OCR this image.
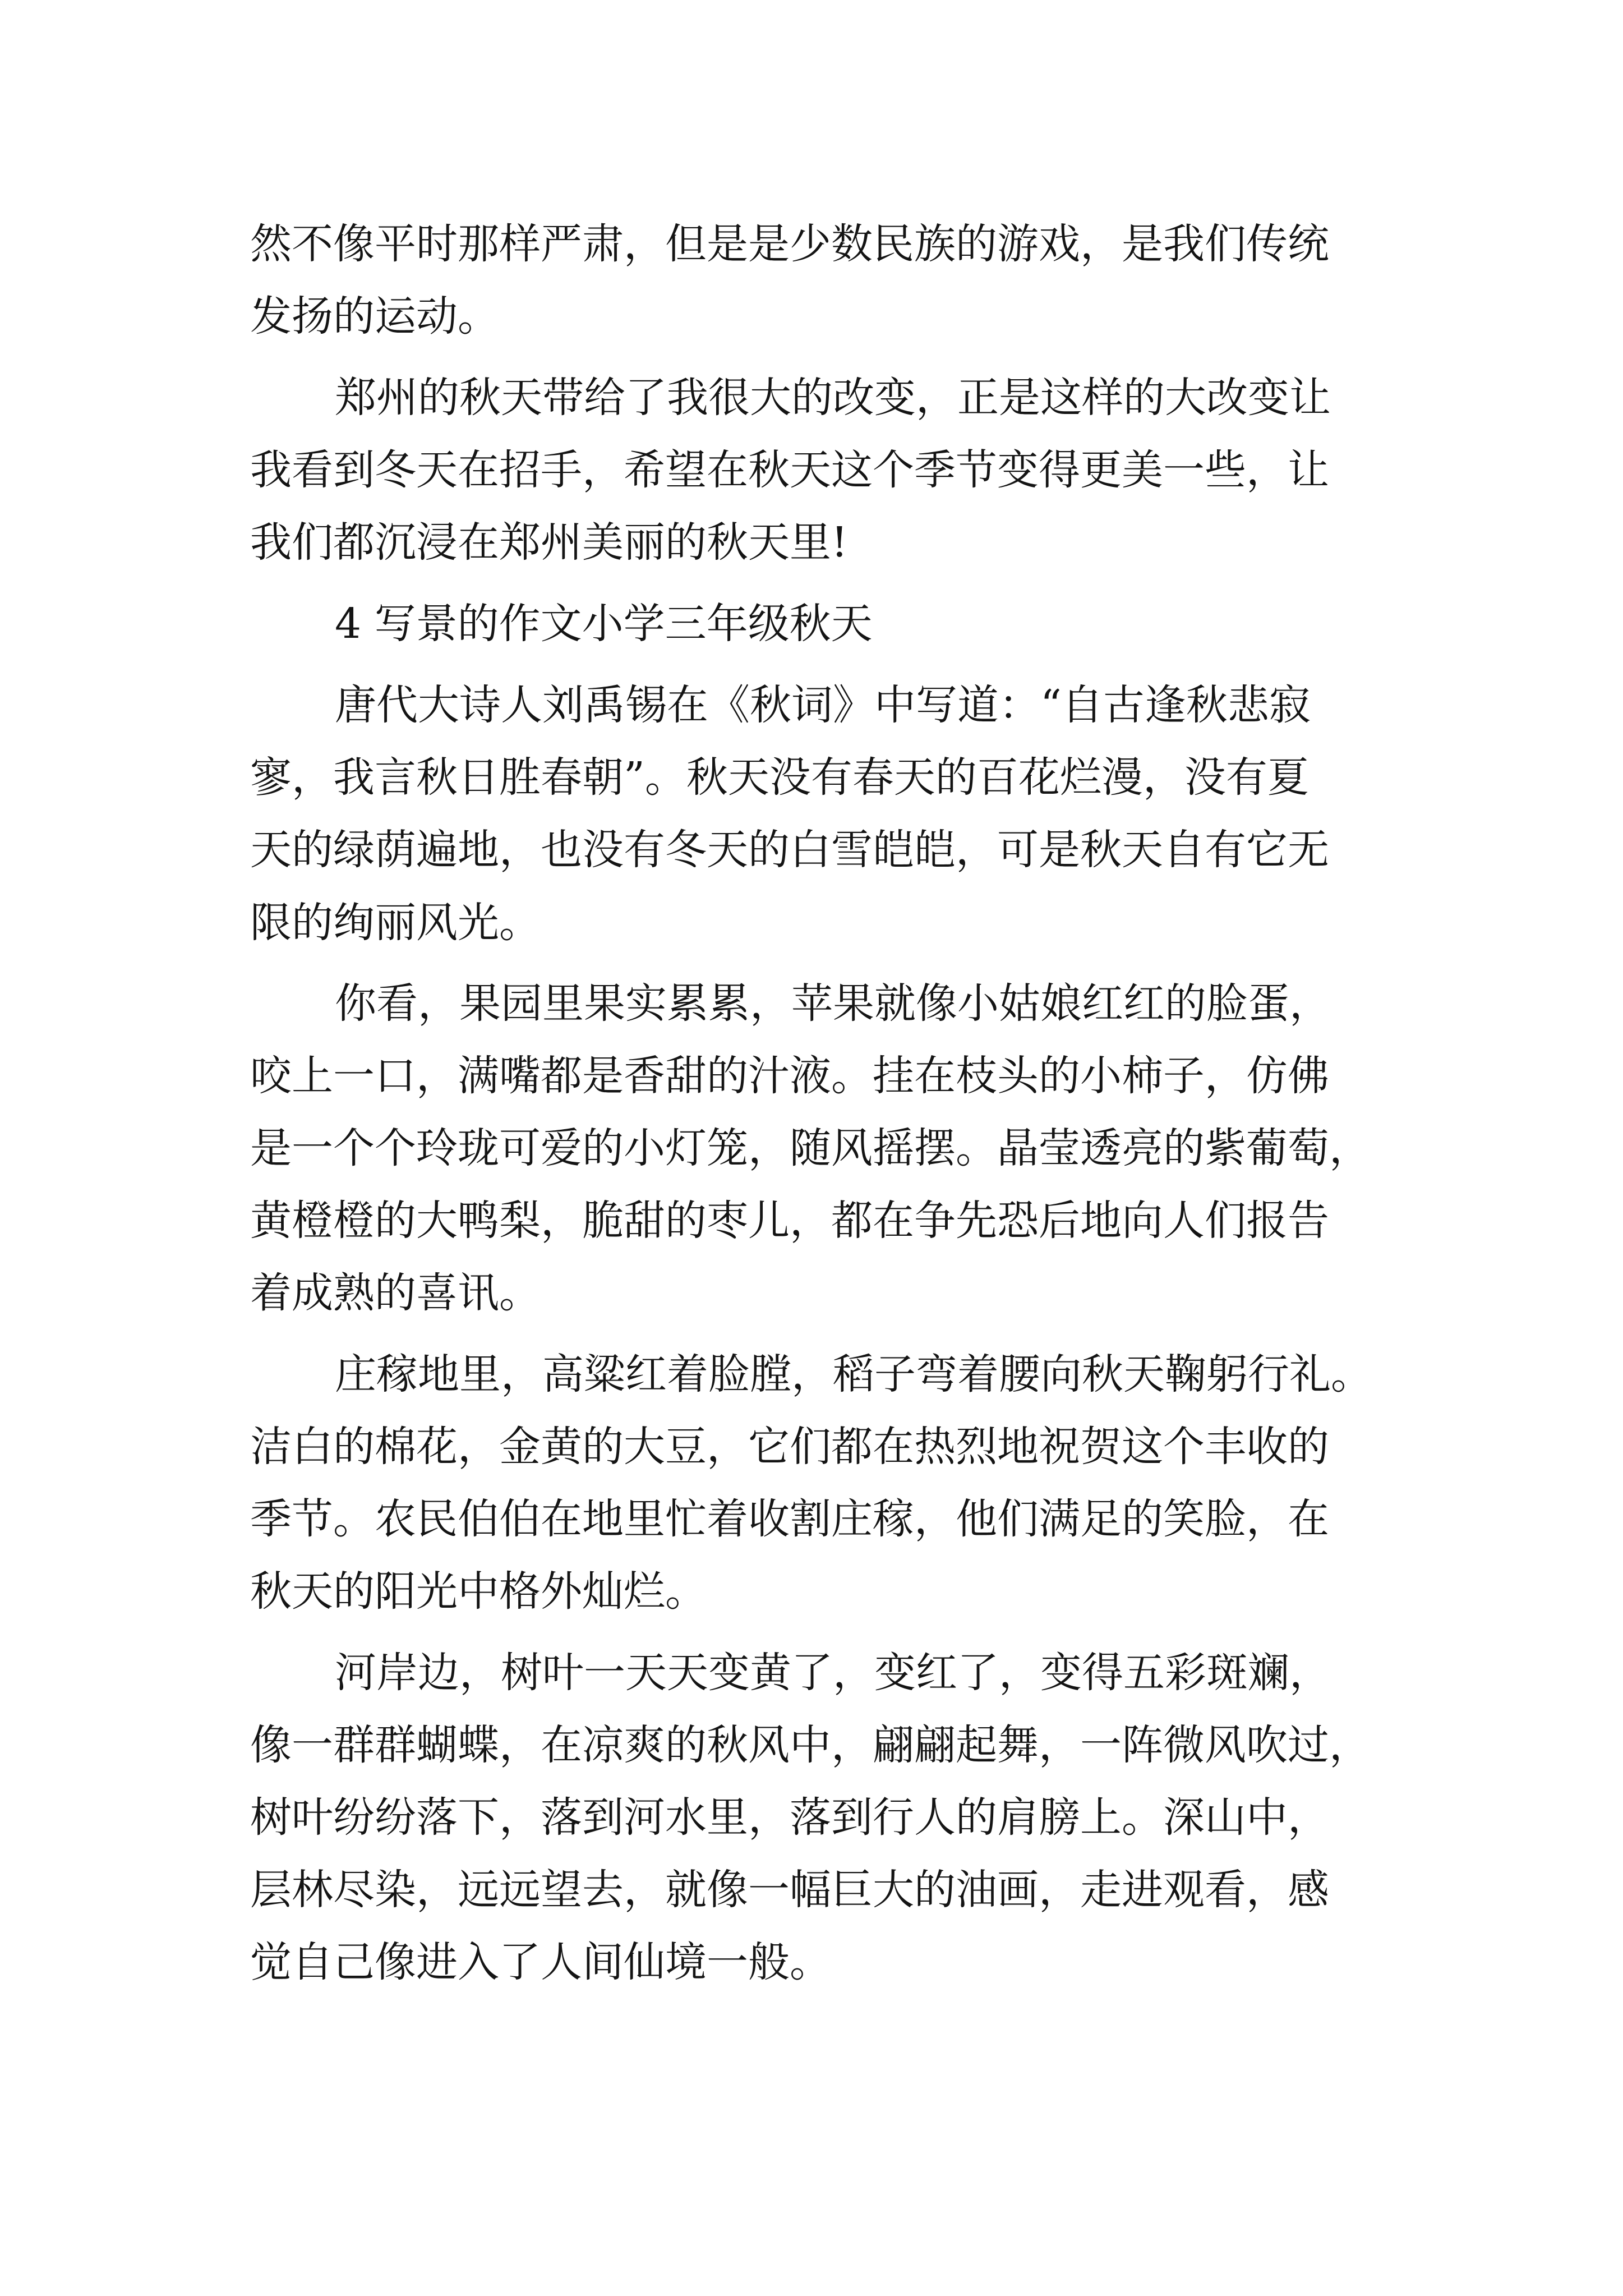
然不像平时那样严肃，但是是少数民族的游戏，是我们传统

发扬的运动。

郑州的秋天带给了我很大的改变，正是这样的大改变让

我看到冬天在招手，希望在秋天这个季节变得更美一些，让

我们都沉浸在郑州美丽的秋天里!

4 写景的作文小学三年级秋天

唐代大诗人刘禹锡在《秋词》中写道：“自古逢秋悲寂

寥，我言秋日胜春朝”。秋天没有春天的百花烂漫，没有夏

天的绿荫遍地，也没有冬天的白雪皑皑，可是秋天自有它无

限的绚丽风光。

你看，果园里果实累累，苹果就像小姑娘红红的脸蛋，

咬上一口，满嘴都是香甜的汁液。挂在枝头的小柿子，仿佛

是一个个玲珑可爱的小灯笼，随风摇摆。晶莹透亮的紫葡萄，

黄橙橙的大鸭梨，脆甜的枣儿，都在争先恐后地向人们报告

着成熟的喜讯。

庄稼地里，高粱红着脸膛，稻子弯着腰向秋天鞠躬行礼。

洁白的棉花，金黄的大豆，它们都在热烈地祝贺这个丰收的

季节。农民伯伯在地里忙着收割庄稼，他们满足的笑脸，在

秋天的阳光中格外灿烂。

河岸边，树叶一天天变黄了，变红了，变得五彩斑斓，

像一群群蝴蝶，在凉爽的秋风中，翩翩起舞，一阵微风吹过，

树叶纷纷落下，落到河水里，落到行人的肩膀上。深山中，

层林尽染，远远望去，就像一幅巨大的油画，走进观看，感

觉自己像进入了人间仙境一般。
